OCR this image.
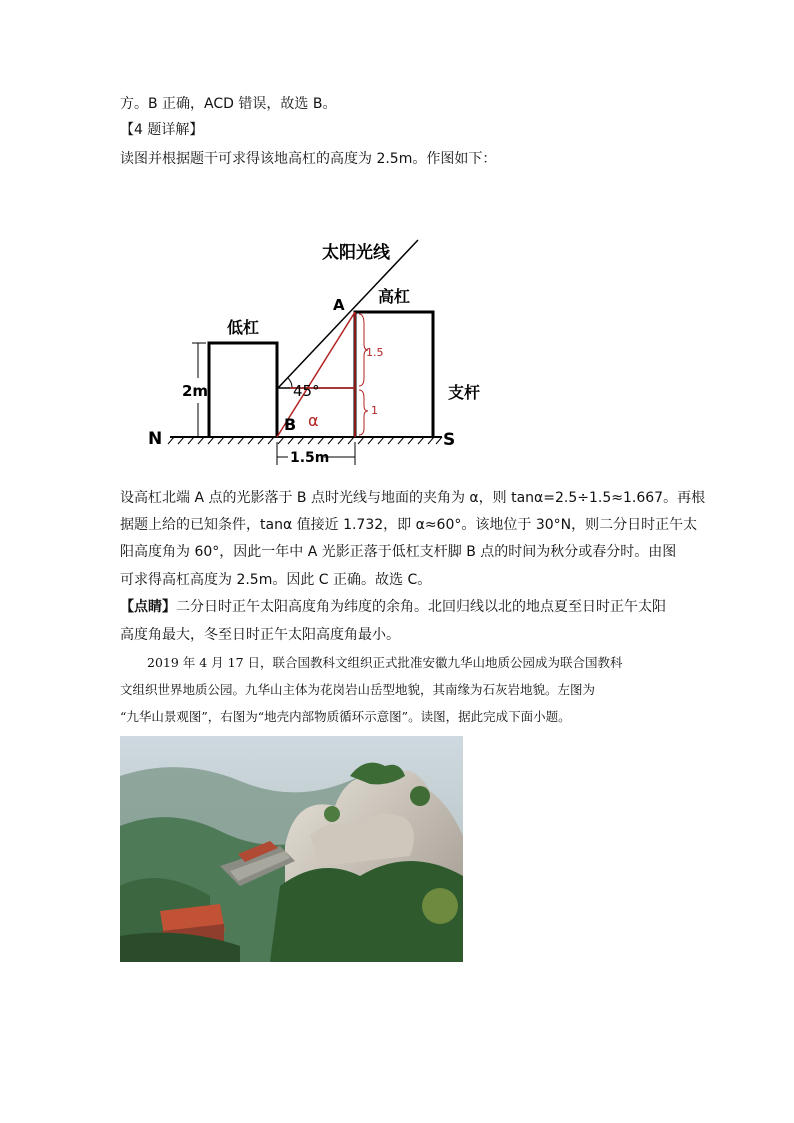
方。B 正确，ACD 错误，故选 B。
【4 题详解】
读图并根据题干可求得该地高杠的高度为 2.5m。作图如下：
太阳光线
高杠
低杠
支杆
A
B
N	S
2m	45°
α
1.5
1
1.5m
设高杠北端 A 点的光影落于 B 点时光线与地面的夹角为 α，则 tanα=2.5÷1.5≈1.667。再根
据题上给的已知条件，tanα 值接近 1.732，即 α≈60°。该地位于 30°N，则二分日时正午太
阳高度角为 60°，因此一年中 A 光影正落于低杠支杆脚 B 点的时间为秋分或春分时。由图
可求得高杠高度为 2.5m。因此 C 正确。故选 C。
【点睛】二分日时正午太阳高度角为纬度的余角。北回归线以北的地点夏至日时正午太阳
高度角最大，冬至日时正午太阳高度角最小。
2019 年 4 月 17 日，联合国教科文组织正式批准安徽九华山地质公园成为联合国教科
文组织世界地质公园。九华山主体为花岗岩山岳型地貌，其南缘为石灰岩地貌。左图为
“九华山景观图”，右图为“地壳内部物质循环示意图”。读图，据此完成下面小题。
